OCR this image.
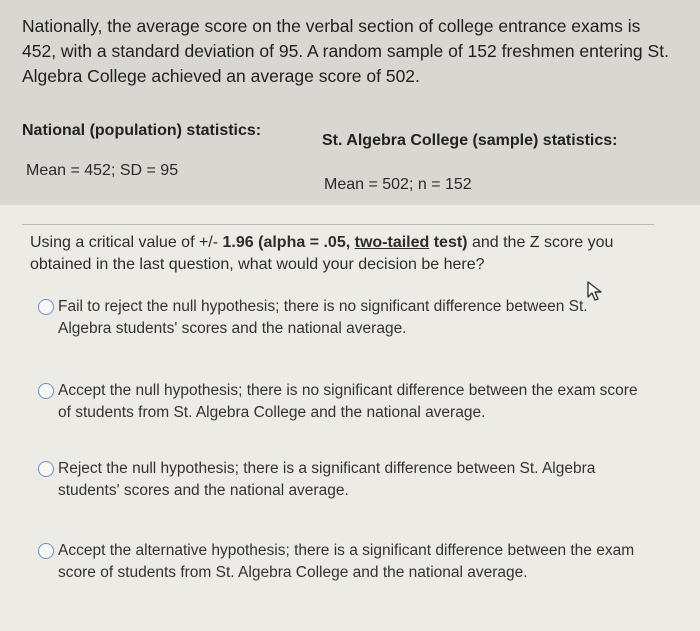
Nationally, the average score on the verbal section of college entrance exams is 452, with a standard deviation of 95. A random sample of 152 freshmen entering St. Algebra College achieved an average score of 502.
National (population) statistics:
St. Algebra College (sample) statistics:
Mean = 452; SD = 95
Mean = 502; n = 152
Using a critical value of +/- 1.96 (alpha = .05, two-tailed test) and the Z score you obtained in the last question, what would your decision be here?
Fail to reject the null hypothesis; there is no significant difference between St. Algebra students' scores and the national average.
Accept the null hypothesis; there is no significant difference between the exam score of students from St. Algebra College and the national average.
Reject the null hypothesis; there is a significant difference between St. Algebra students' scores and the national average.
Accept the alternative hypothesis; there is a significant difference between the exam score of students from St. Algebra College and the national average.
